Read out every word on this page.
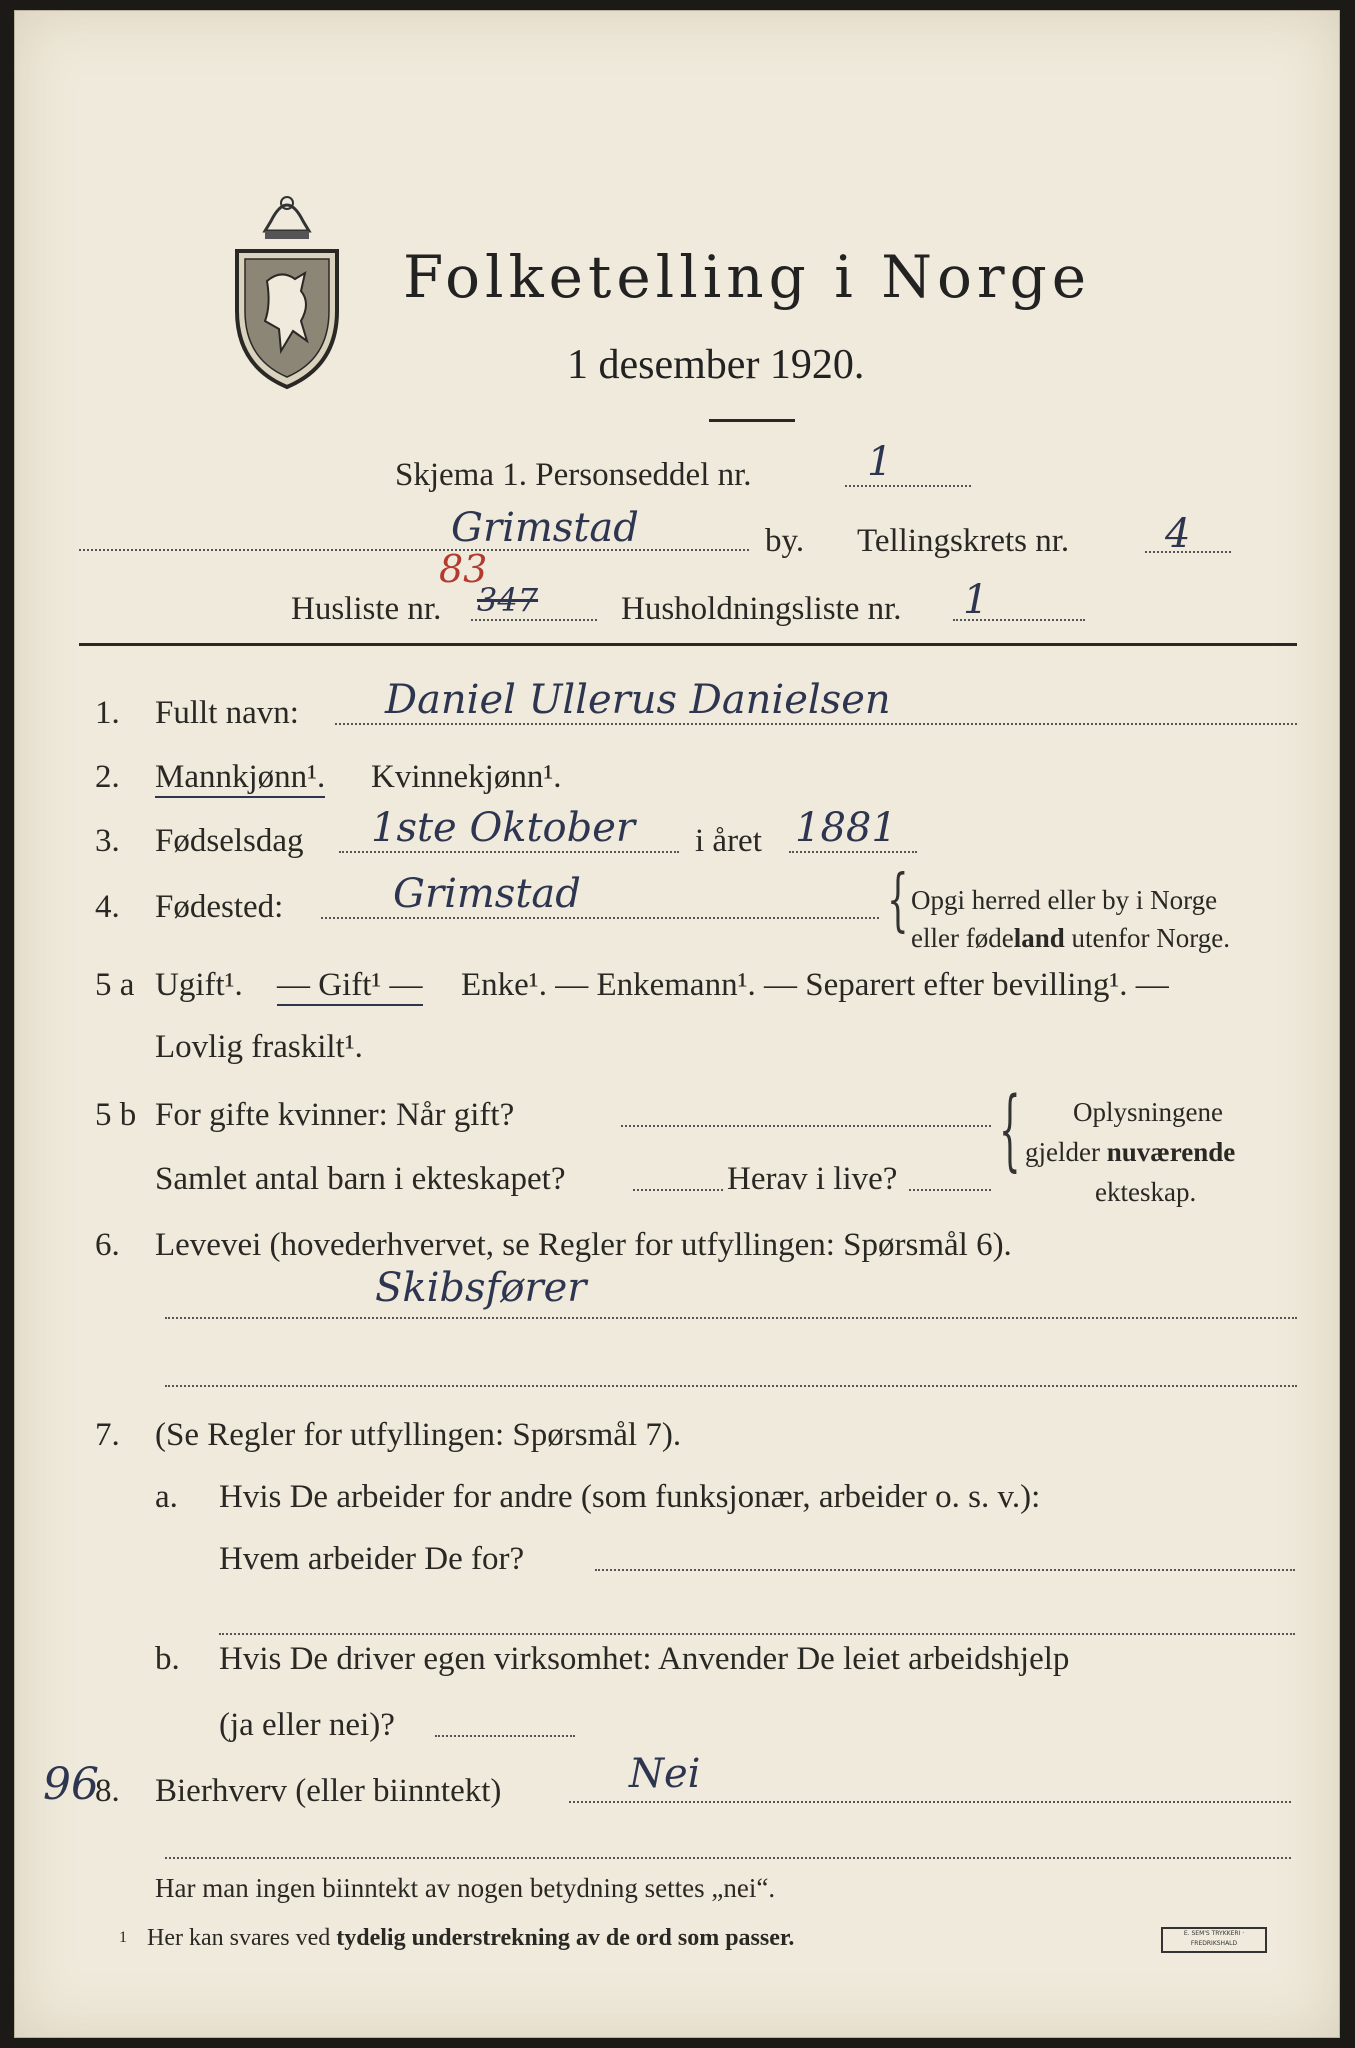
Folketelling i Norge
1 desember 1920.
Skjema 1. Personseddel nr.	1
Grimstad	by. Tellingskrets nr. 4
Husliste nr.
83
347	Husholdningsliste nr. 1
1. Fullt navn: Daniel Ullerus Danielsen
2. Mannkjønn¹. Kvinnekjønn¹.
3. Fødselsdag 1ste Oktober i året 1881
4. Fødested:	Grimstad	{ Opgi herred eller by i Norge
eller fødeland utenfor Norge.
5 a Ugift¹. — Gift¹ — Enke¹. — Enkemann¹. — Separert efter bevilling¹. —
Lovlig fraskilt¹.
5 b For gifte kvinner: Når gift?
Samlet antal barn i ekteskapet?	Herav i live?	{ Oplysningene
gjelder nuværende
ekteskap.
6. Levevei (hovederhvervet, se Regler for utfyllingen: Spørsmål 6).
Skibsfører
7. (Se Regler for utfyllingen: Spørsmål 7).
a. Hvis De arbeider for andre (som funksjonær, arbeider o. s. v.):
Hvem arbeider De for?
b. Hvis De driver egen virksomhet: Anvender De leiet arbeidshjelp
(ja eller nei)?
96
8. Bierhverv (eller biinntekt)	Nei
Har man ingen biinntekt av nogen betydning settes „nei“.
1 Her kan svares ved tydelig understrekning av de ord som passer.	E. SEM'S TRYKKERI · FREDRIKSHALD
